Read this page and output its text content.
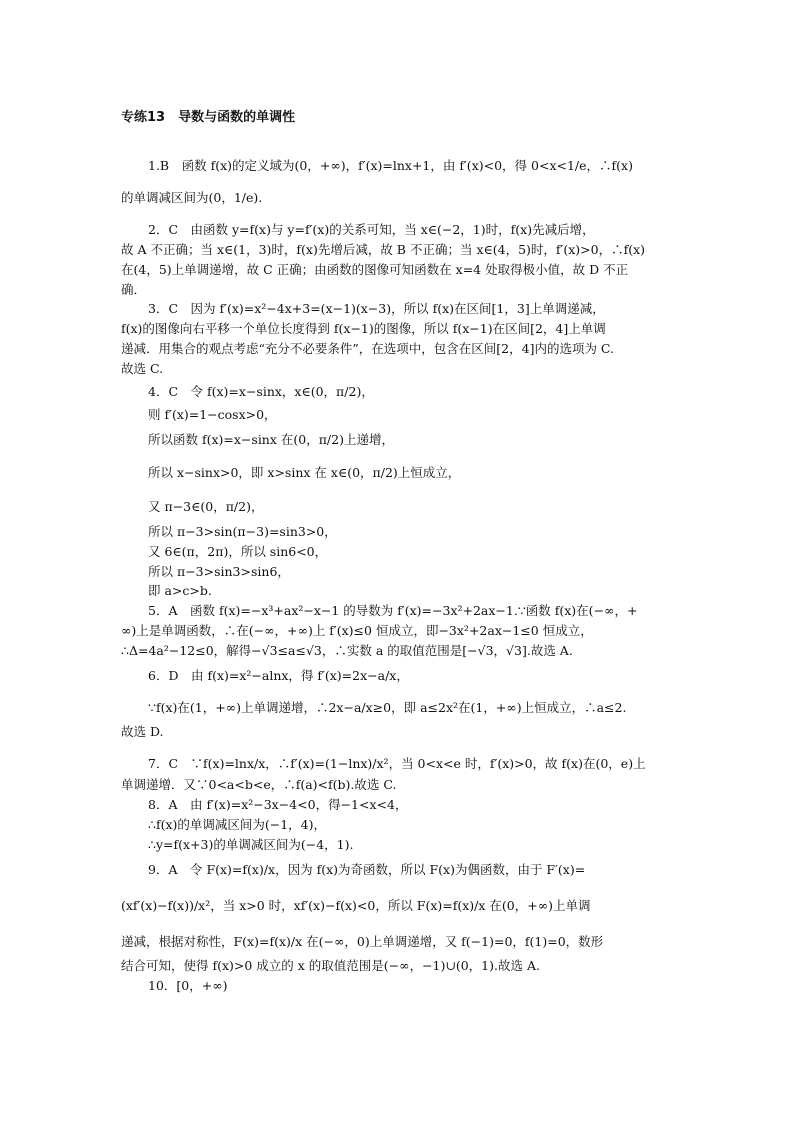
专练13　导数与函数的单调性
1.B　函数 f(x)的定义域为(0，+∞)，f′(x)=lnx+1，由 f′(x)<0，得 0<x<1/e，∴f(x)
的单调减区间为(0，1/e).
2．C　由函数 y=f(x)与 y=f′(x)的关系可知，当 x∈(−2，1)时，f(x)先减后增，
故 A 不正确；当 x∈(1，3)时，f(x)先增后减，故 B 不正确；当 x∈(4，5)时，f′(x)>0，∴f(x)
在(4，5)上单调递增，故 C 正确；由函数的图像可知函数在 x=4 处取得极小值，故 D 不正
确．
3．C　因为 f′(x)=x²−4x+3=(x−1)(x−3)，所以 f(x)在区间[1，3]上单调递减，
f(x)的图像向右平移一个单位长度得到 f(x−1)的图像，所以 f(x−1)在区间[2，4]上单调
递减．用集合的观点考虑“充分不必要条件”，在选项中，包含在区间[2，4]内的选项为 C.
故选 C.
4．C　令 f(x)=x−sinx，x∈(0，π/2)，
则 f′(x)=1−cosx>0，
所以函数 f(x)=x−sinx 在(0，π/2)上递增，
所以 x−sinx>0，即 x>sinx 在 x∈(0，π/2)上恒成立，
又 π−3∈(0，π/2)，
所以 π−3>sin(π−3)=sin3>0，
又 6∈(π，2π)，所以 sin6<0，
所以 π−3>sin3>sin6，
即 a>c>b.
5．A　函数 f(x)=−x³+ax²−x−1 的导数为 f′(x)=−3x²+2ax−1.∵函数 f(x)在(−∞，+
∞)上是单调函数，∴在(−∞，+∞)上 f′(x)≤0 恒成立，即−3x²+2ax−1≤0 恒成立，
∴Δ=4a²−12≤0，解得−√3≤a≤√3，∴实数 a 的取值范围是[−√3，√3].故选 A.
6．D　由 f(x)=x²−alnx，得 f′(x)=2x−a/x，
∵f(x)在(1，+∞)上单调递增，∴2x−a/x≥0，即 a≤2x²在(1，+∞)上恒成立，∴a≤2.
故选 D.
7．C　∵f(x)=lnx/x，∴f′(x)=(1−lnx)/x²，当 0<x<e 时，f′(x)>0，故 f(x)在(0，e)上
单调递增．又∵0<a<b<e，∴f(a)<f(b).故选 C.
8．A　由 f′(x)=x²−3x−4<0，得−1<x<4，
∴f(x)的单调减区间为(−1，4)，
∴y=f(x+3)的单调减区间为(−4，1).
9．A　令 F(x)=f(x)/x，因为 f(x)为奇函数，所以 F(x)为偶函数，由于 F′(x)=
(xf′(x)−f(x))/x²，当 x>0 时，xf′(x)−f(x)<0，所以 F(x)=f(x)/x 在(0，+∞)上单调
递减，根据对称性，F(x)=f(x)/x 在(−∞，0)上单调递增，又 f(−1)=0，f(1)=0，数形
结合可知，使得 f(x)>0 成立的 x 的取值范围是(−∞，−1)∪(0，1).故选 A.
10．[0，+∞)
